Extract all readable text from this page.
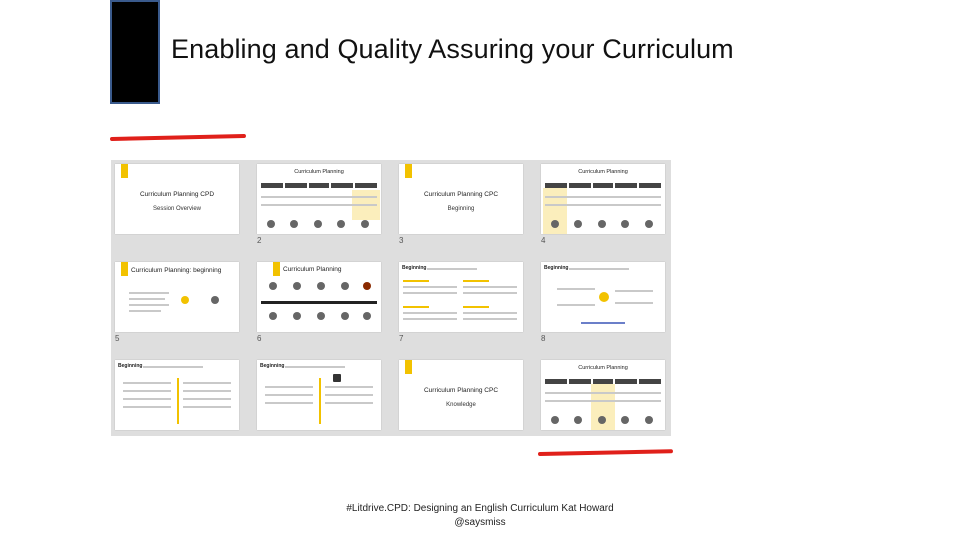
Enabling and Quality Assuring your Curriculum
Curriculum Planning CPD
Session Overview
Curriculum Planning
Curriculum Planning CPC
Beginning
Curriculum Planning
2	3	4
Curriculum Planning: beginning	Curriculum Planning	Beginning	Beginning
5	6	7	8
Beginning	Beginning
Curriculum Planning CPC
Knowledge
Curriculum Planning
#Litdrive.CPD: Designing an English Curriculum Kat Howard
@saysmiss
